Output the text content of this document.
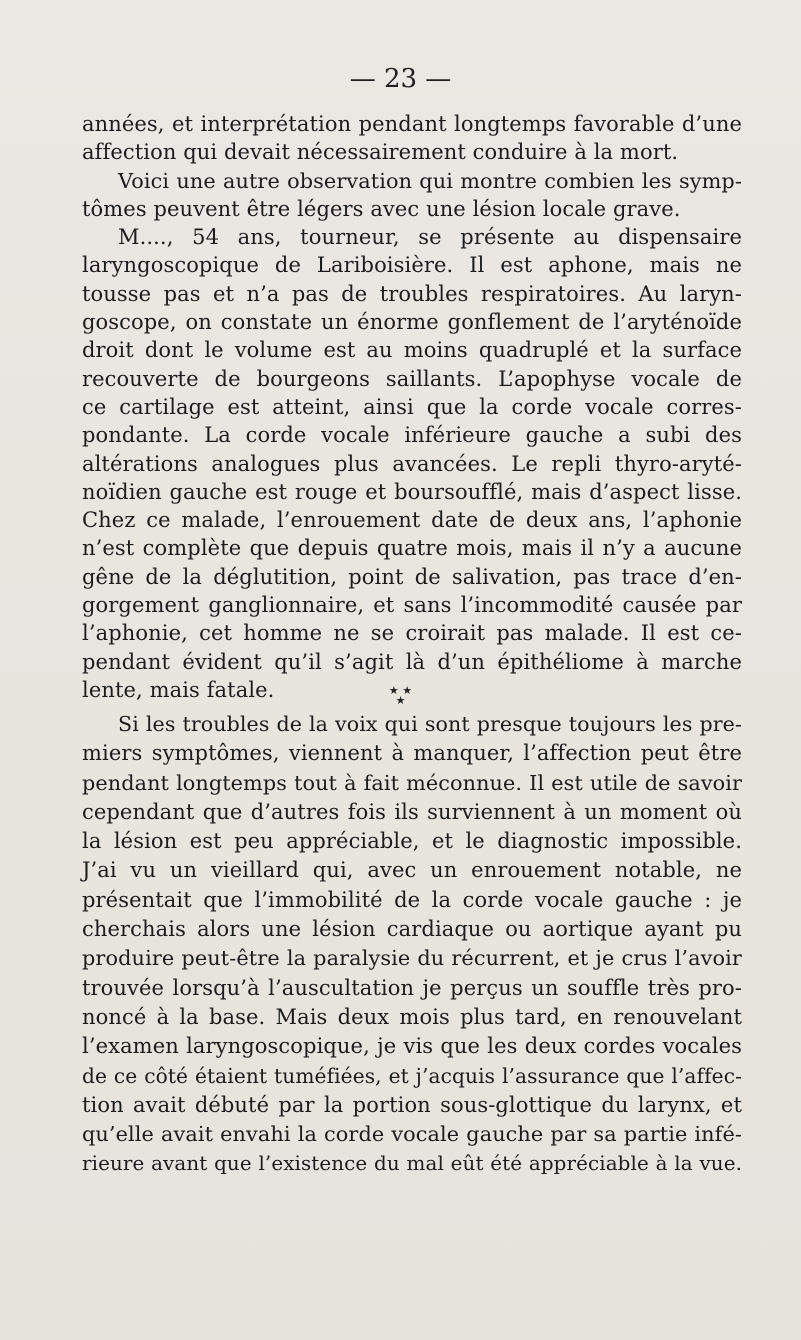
— 23 —
années, et interprétation pendant longtemps favorable d’une
affection qui devait nécessairement conduire à la mort.
Voici une autre observation qui montre combien les symp-
tômes peuvent être légers avec une lésion locale grave.
M...., 54 ans, tourneur, se présente au dispensaire
laryngoscopique de Lariboisière. Il est aphone, mais ne
tousse pas et n’a pas de troubles respiratoires. Au laryn-
goscope, on constate un énorme gonflement de l’aryténoïde
droit dont le volume est au moins quadruplé et la surface
recouverte de bourgeons saillants. L’apophyse vocale de
ce cartilage est atteint, ainsi que la corde vocale corres-
pondante. La corde vocale inférieure gauche a subi des
altérations analogues plus avancées. Le repli thyro-aryté-
noïdien gauche est rouge et boursoufflé, mais d’aspect lisse.
Chez ce malade, l’enrouement date de deux ans, l’aphonie
n’est complète que depuis quatre mois, mais il n’y a aucune
gêne de la déglutition, point de salivation, pas trace d’en-
gorgement ganglionnaire, et sans l’incommodité causée par
l’aphonie, cet homme ne se croirait pas malade. Il est ce-
pendant évident qu’il s’agit là d’un épithéliome à marche
lente, mais fatale.	★ ★
★
Si les troubles de la voix qui sont presque toujours les pre-
miers symptômes, viennent à manquer, l’affection peut être
pendant longtemps tout à fait méconnue. Il est utile de savoir
cependant que d’autres fois ils surviennent à un moment où
la lésion est peu appréciable, et le diagnostic impossible.
J’ai vu un vieillard qui, avec un enrouement notable, ne
présentait que l’immobilité de la corde vocale gauche : je
cherchais alors une lésion cardiaque ou aortique ayant pu
produire peut-être la paralysie du récurrent, et je crus l’avoir
trouvée lorsqu’à l’auscultation je perçus un souffle très pro-
noncé à la base. Mais deux mois plus tard, en renouvelant
l’examen laryngoscopique, je vis que les deux cordes vocales
de ce côté étaient tuméfiées, et j’acquis l’assurance que l’affec-
tion avait débuté par la portion sous-glottique du larynx, et
qu’elle avait envahi la corde vocale gauche par sa partie infé-
rieure avant que l’existence du mal eût été appréciable à la vue.
